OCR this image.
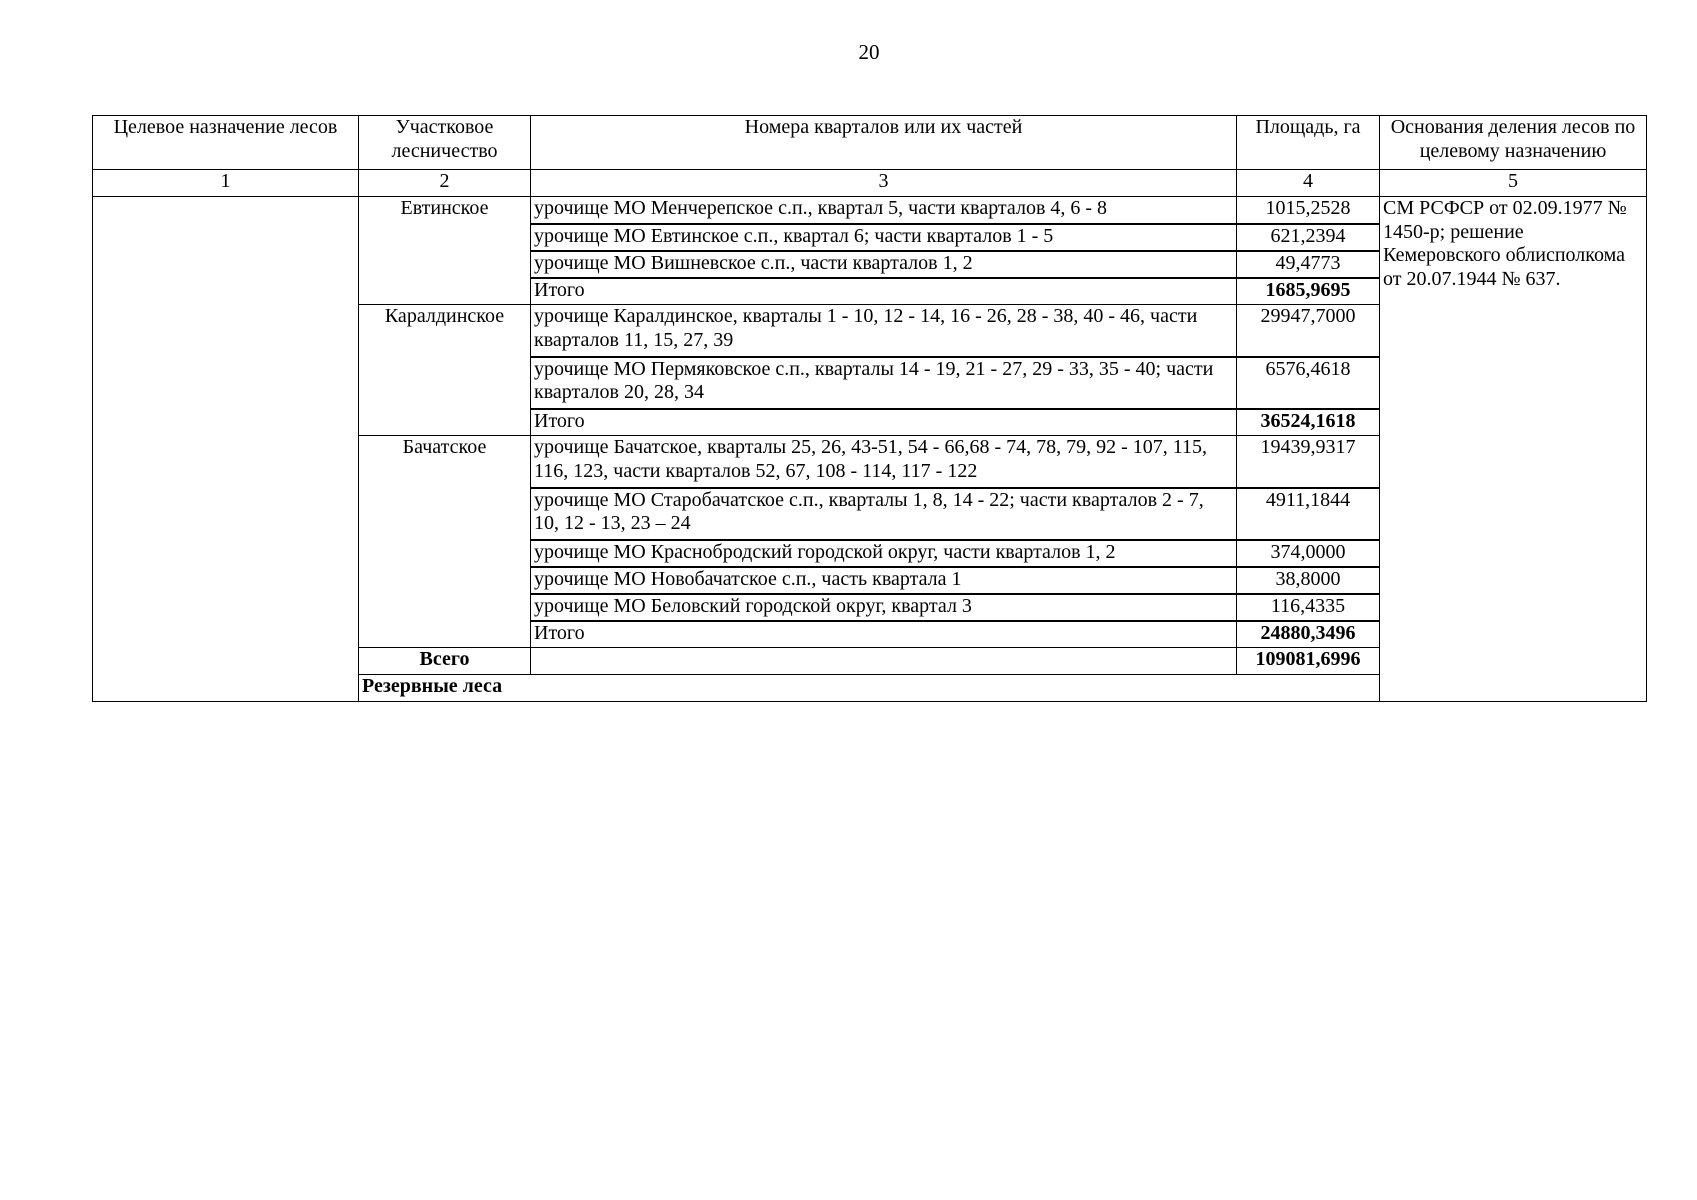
20
Целевое назначение лесов	Участковое лесничество	Номера кварталов или их частей	Площадь, га	Основания деления лесов по целевому назначению	
1	2	3	4	5	
	Евтинское	урочище МО Менчерепское с.п., квартал 5, части кварталов 4, 6 - 8	1015,2528	СМ РСФСР от 02.09.1977 № 1450-р; решение Кемеровского облисполкома от 20.07.1944 № 637.	
		урочище МО Евтинское с.п., квартал 6; части кварталов 1 - 5	621,2394		
		урочище МО Вишневское с.п., части кварталов 1, 2	49,4773		
		Итого	1685,9695		
	Каралдинское	урочище Каралдинское, кварталы 1 - 10, 12 - 14, 16 - 26, 28 - 38, 40 - 46, части кварталов 11, 15, 27, 39	29947,7000		
		урочище МО Пермяковское с.п., кварталы 14 - 19, 21 - 27, 29 - 33, 35 - 40; части кварталов 20, 28, 34	6576,4618		
		Итого	36524,1618		
	Бачатское	урочище Бачатское, кварталы 25, 26, 43-51, 54 - 66,68 - 74, 78, 79, 92 - 107, 115, 116, 123, части кварталов 52, 67, 108 - 114, 117 - 122	19439,9317		
		урочище МО Старобачатское с.п., кварталы 1, 8, 14 - 22; части кварталов 2 - 7, 10, 12 - 13, 23 – 24	4911,1844		
		урочище МО Краснобродский городской округ, части кварталов 1, 2	374,0000		
		урочище МО Новобачатское с.п., часть квартала 1	38,8000		
		урочище МО Беловский городской округ, квартал 3	116,4335		
		Итого	24880,3496		
	Всего		109081,6996		
	Резервные леса		
